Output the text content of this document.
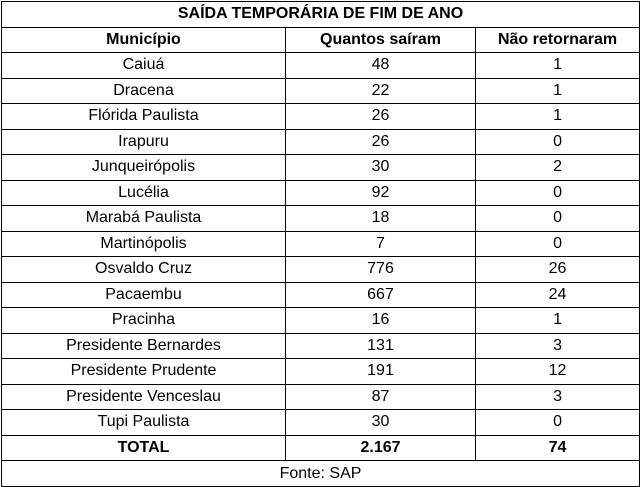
SAÍDA TEMPORÁRIA DE FIM DE ANO		
Município	Quantos saíram	Não retornaram
Caiuá	48	1
Dracena	22	1
Flórida Paulista	26	1
Irapuru	26	0
Junqueirópolis	30	2
Lucélia	92	0
Marabá Paulista	18	0
Martinópolis	7	0
Osvaldo Cruz	776	26
Pacaembu	667	24
Pracinha	16	1
Presidente Bernardes	131	3
Presidente Prudente	191	12
Presidente Venceslau	87	3
Tupi Paulista	30	0
TOTAL	2.167	74
Fonte: SAP		
